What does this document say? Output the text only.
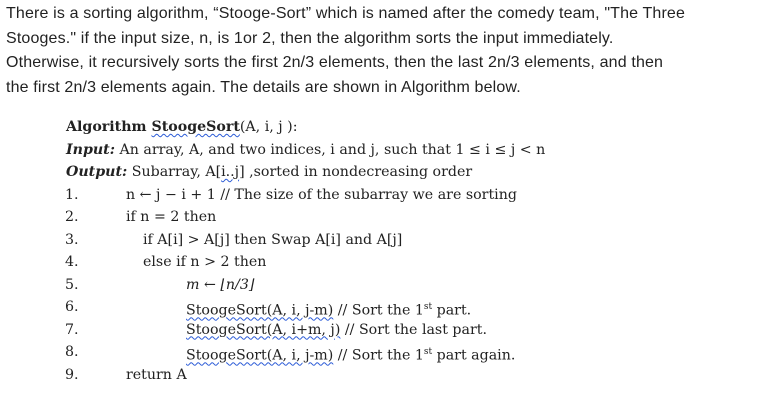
There is a sorting algorithm, “Stooge-Sort” which is named after the comedy team, "The Three

Stooges." if the input size, n, is 1or 2, then the algorithm sorts the input immediately.

Otherwise, it recursively sorts the first 2n/3 elements, then the last 2n/3 elements, and then

the first 2n/3 elements again. The details are shown in Algorithm below.

Algorithm StoogeSort(A, i, j ):
Input: An array, A, and two indices, i and j, such that 1 ≤ i ≤ j < n
Output: Subarray, A[i..j] ,sorted in nondecreasing order
1.	n ← j − i + 1 // The size of the subarray we are sorting
2.	if n = 2 then
3.	if A[i] > A[j] then Swap A[i] and A[j]
4.	else if n > 2 then
5.	m ← ⌊n/3⌋
6.	StoogeSort(A, i, j-m) // Sort the 1st part.
7.	StoogeSort(A, i+m, j) // Sort the last part.
8.	StoogeSort(A, i, j-m) // Sort the 1st part again.
9.	return A
